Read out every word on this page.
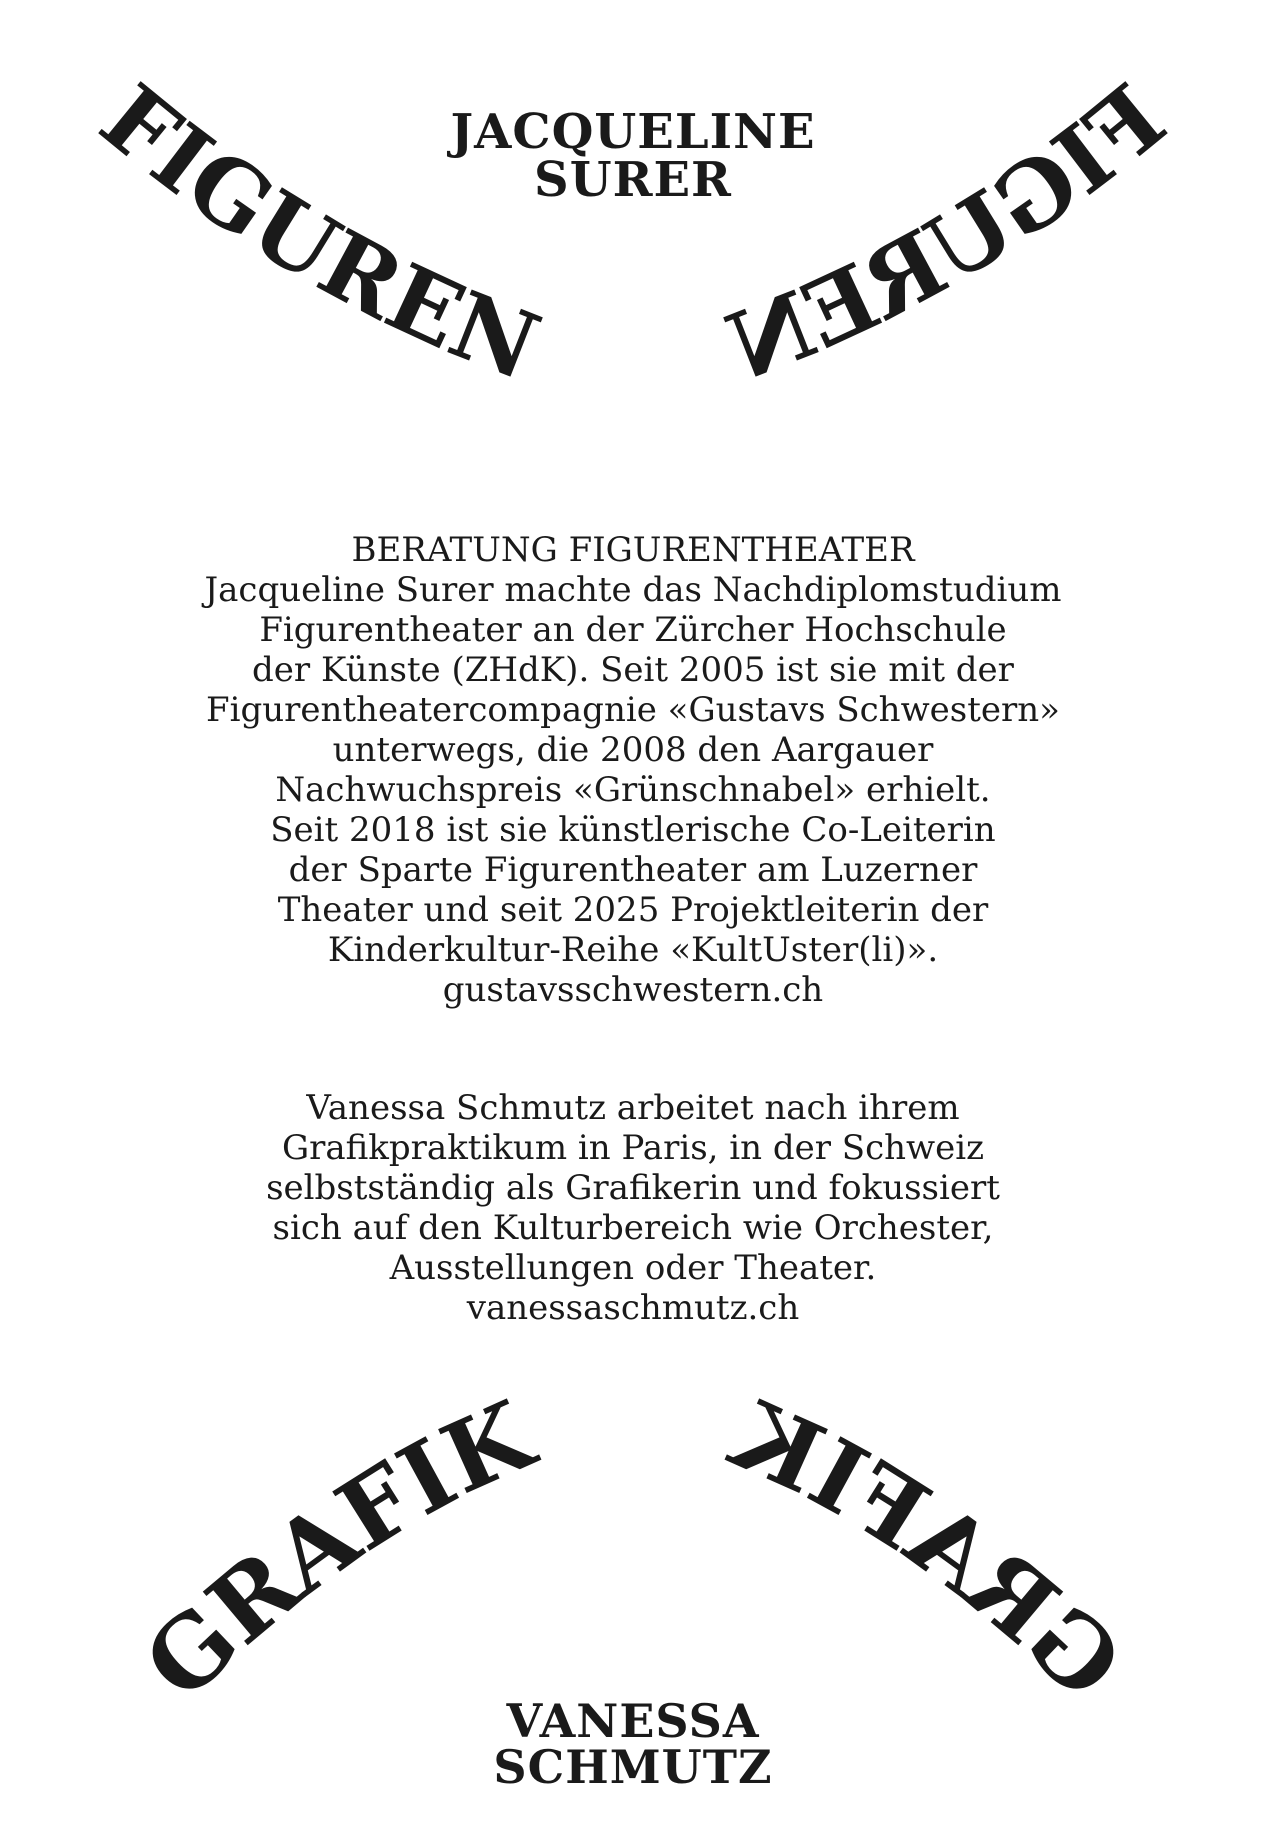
FIGUREN
FIGUREN
JACQUELINE
SURER

BERATUNG FIGURENTHEATER

Jacqueline Surer machte das Nachdiplomstudium

Figurentheater an der Zürcher Hochschule

der Künste (ZHdK). Seit 2005 ist sie mit der

Figurentheatercompagnie «Gustavs Schwestern»

unterwegs, die 2008 den Aargauer

Nachwuchspreis «Grünschnabel» erhielt.

Seit 2018 ist sie künstlerische Co-Leiterin

der Sparte Figurentheater am Luzerner

Theater und seit 2025 Projektleiterin der

Kinderkultur-Reihe «KultUster(li)».

gustavsschwestern.ch

Vanessa Schmutz arbeitet nach ihrem

Grafikpraktikum in Paris, in der Schweiz

selbstständig als Grafikerin und fokussiert

sich auf den Kulturbereich wie Orchester,

Ausstellungen oder Theater.

vanessaschmutz.ch

GRAFIK
GRAFIK
VANESSA
SCHMUTZ
